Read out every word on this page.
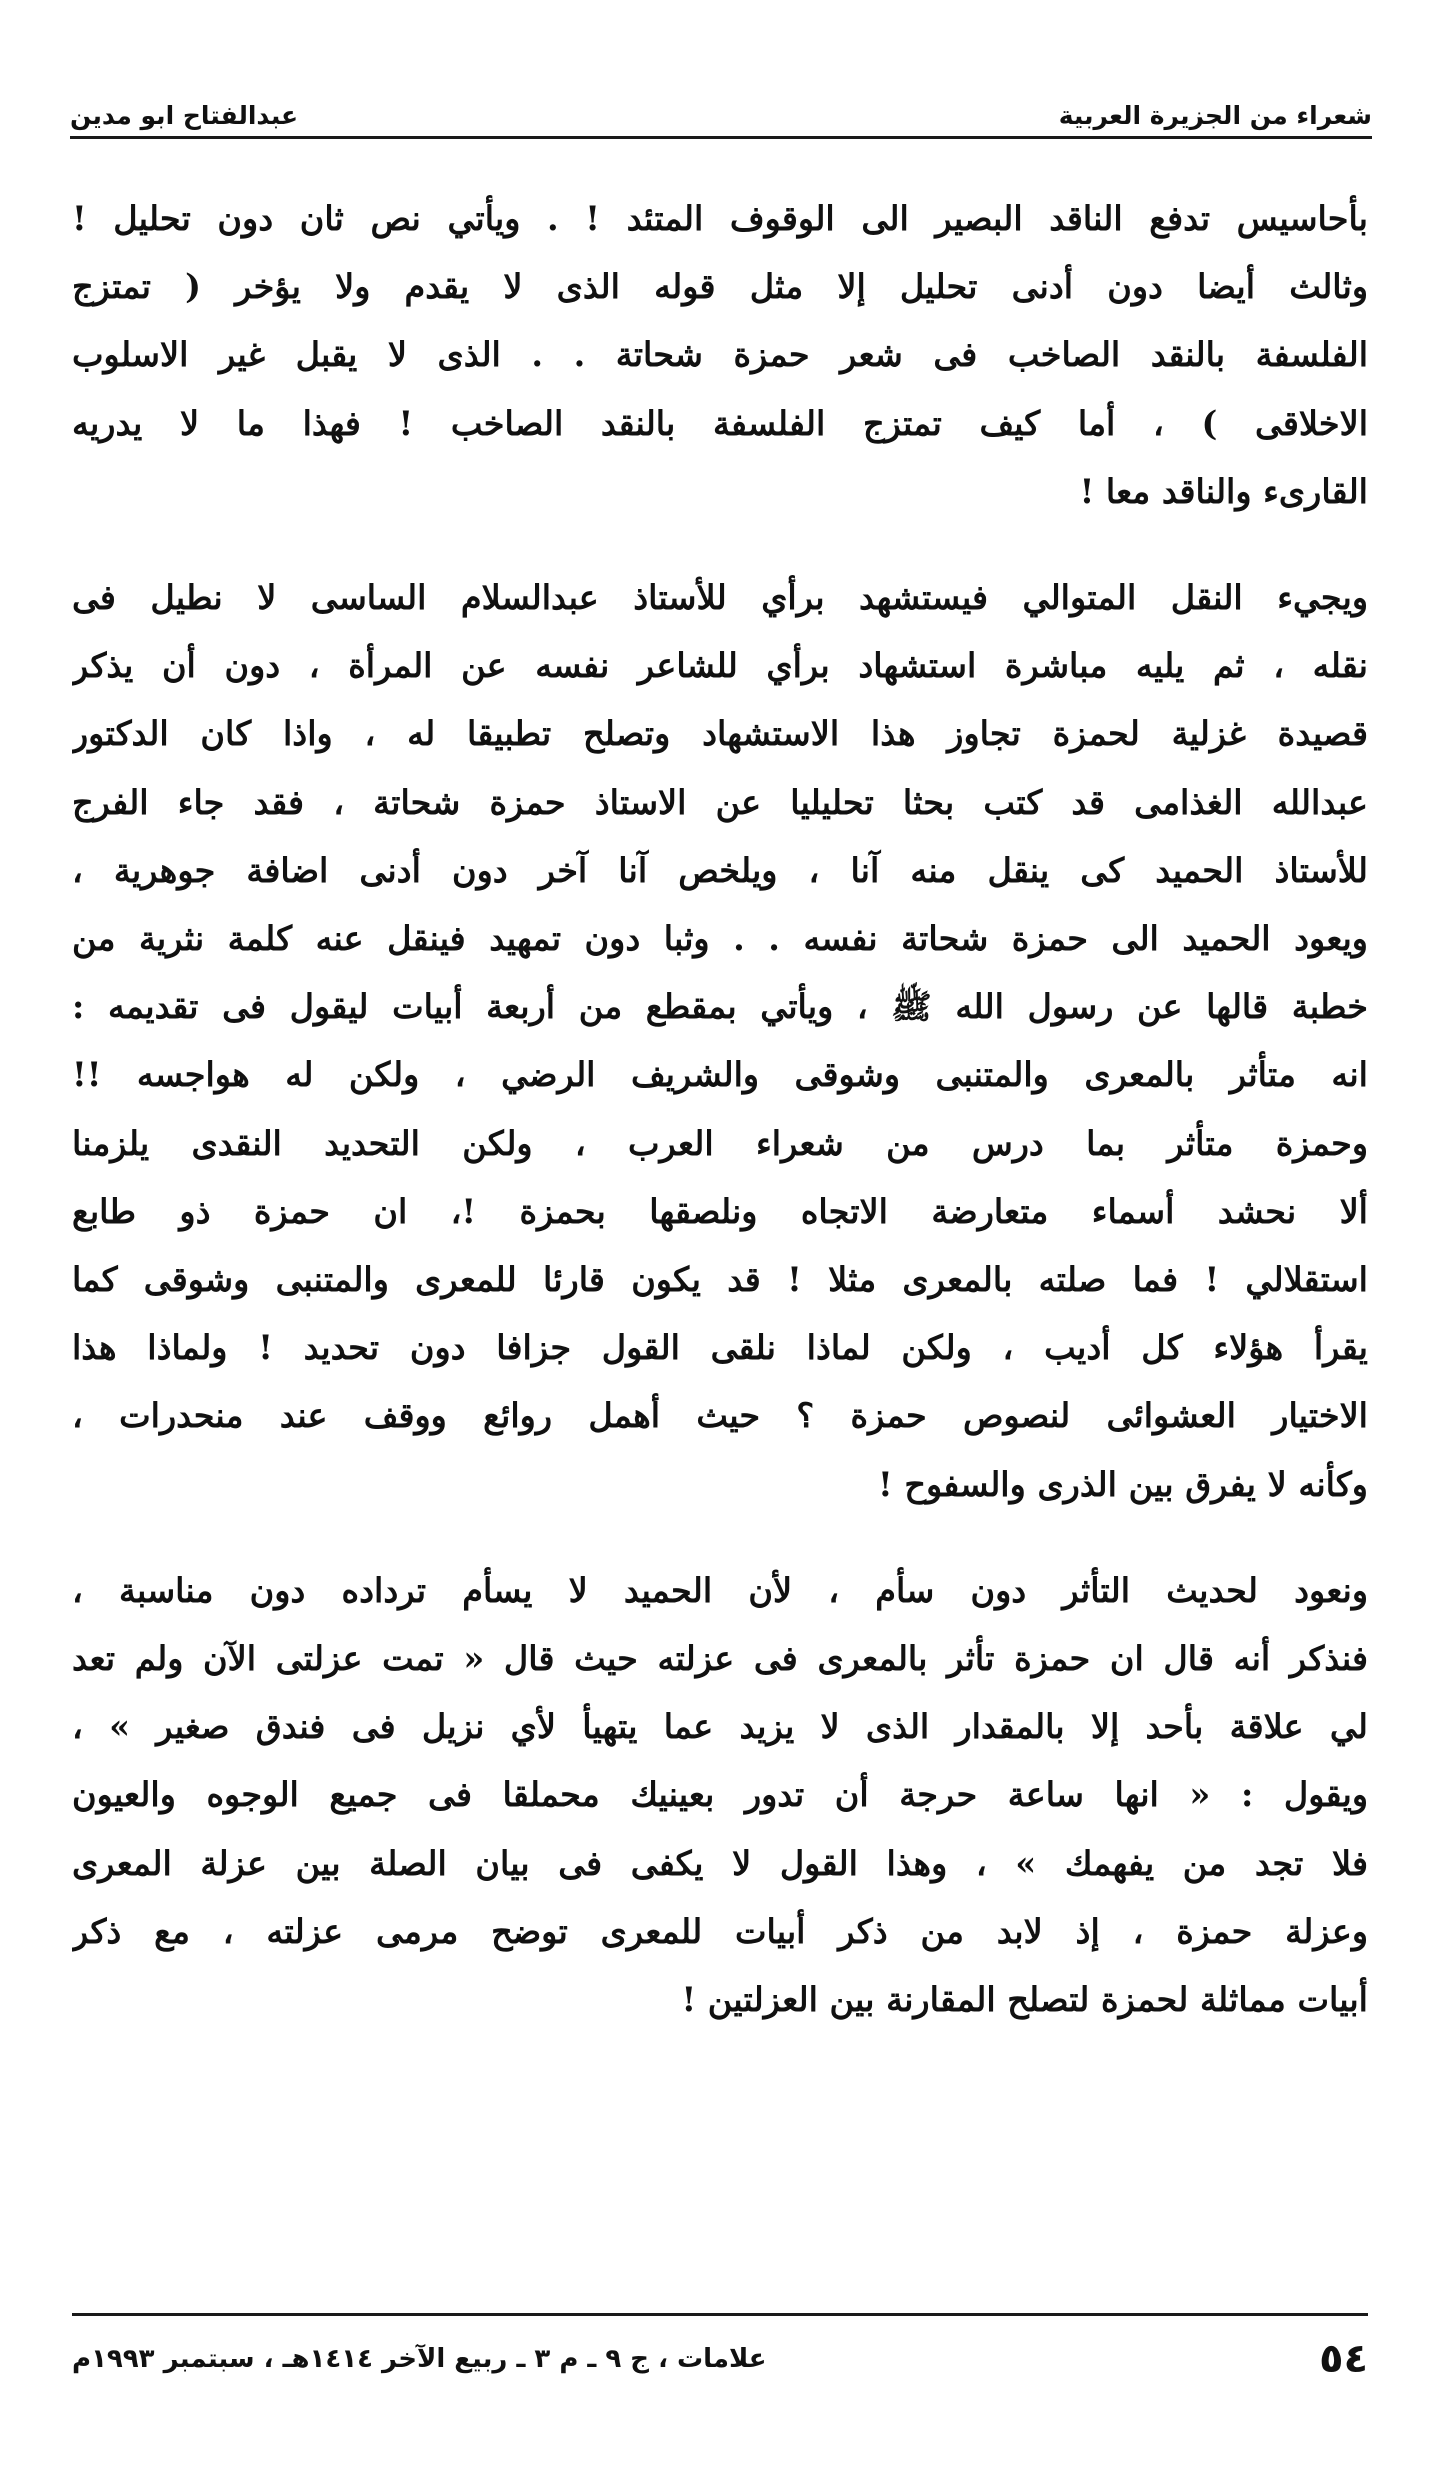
شعراء من الجزيرة العربية
عبدالفتاح ابو مدين

بأحاسيس تدفع الناقد البصير الى الوقوف المتئد ! . ويأتي نص ثان دون تحليل !
وثالث أيضا دون أدنى تحليل إلا مثل قوله الذى لا يقدم ولا يؤخر ( تمتزج
الفلسفة بالنقد الصاخب فى شعر حمزة شحاتة . . الذى لا يقبل غير الاسلوب
الاخلاقى ) ، أما كيف تمتزج الفلسفة بالنقد الصاخب ! فهذا ما لا يدريه
القارىء والناقد معا !

ويجيء النقل المتوالي فيستشهد برأي للأستاذ عبدالسلام الساسى لا نطيل فى
نقله ، ثم يليه مباشرة استشهاد برأي للشاعر نفسه عن المرأة ، دون أن يذكر
قصيدة غزلية لحمزة تجاوز هذا الاستشهاد وتصلح تطبيقا له ، واذا كان الدكتور
عبدالله الغذامى قد كتب بحثا تحليليا عن الاستاذ حمزة شحاتة ، فقد جاء الفرج
للأستاذ الحميد كى ينقل منه آنا ، ويلخص آنا آخر دون أدنى اضافة جوهرية ،
ويعود الحميد الى حمزة شحاتة نفسه . . وثبا دون تمهيد فينقل عنه كلمة نثرية من
خطبة قالها عن رسول الله ﷺ ، ويأتي بمقطع من أربعة أبيات ليقول فى تقديمه :
انه متأثر بالمعرى والمتنبى وشوقى والشريف الرضي ، ولكن له هواجسه !!
وحمزة متأثر بما درس من شعراء العرب ، ولكن التحديد النقدى يلزمنا
ألا نحشد أسماء متعارضة الاتجاه ونلصقها بحمزة !، ان حمزة ذو طابع
استقلالي ! فما صلته بالمعرى مثلا ! قد يكون قارئا للمعرى والمتنبى وشوقى كما
يقرأ هؤلاء كل أديب ، ولكن لماذا نلقى القول جزافا دون تحديد ! ولماذا هذا
الاختيار العشوائى لنصوص حمزة ؟ حيث أهمل روائع ووقف عند منحدرات ،
وكأنه لا يفرق بين الذرى والسفوح !

ونعود لحديث التأثر دون سأم ، لأن الحميد لا يسأم ترداده دون مناسبة ،
فنذكر أنه قال ان حمزة تأثر بالمعرى فى عزلته حيث قال « تمت عزلتى الآن ولم تعد
لي علاقة بأحد إلا بالمقدار الذى لا يزيد عما يتهيأ لأي نزيل فى فندق صغير » ،
ويقول : « انها ساعة حرجة أن تدور بعينيك محملقا فى جميع الوجوه والعيون
فلا تجد من يفهمك » ، وهذا القول لا يكفى فى بيان الصلة بين عزلة المعرى
وعزلة حمزة ، إذ لابد من ذكر أبيات للمعرى توضح مرمى عزلته ، مع ذكر
أبيات مماثلة لحمزة لتصلح المقارنة بين العزلتين !

٥٤
علامات ، ج ٩ ـ م ٣ ـ ربيع الآخر ١٤١٤هـ ، سبتمبر ١٩٩٣م
